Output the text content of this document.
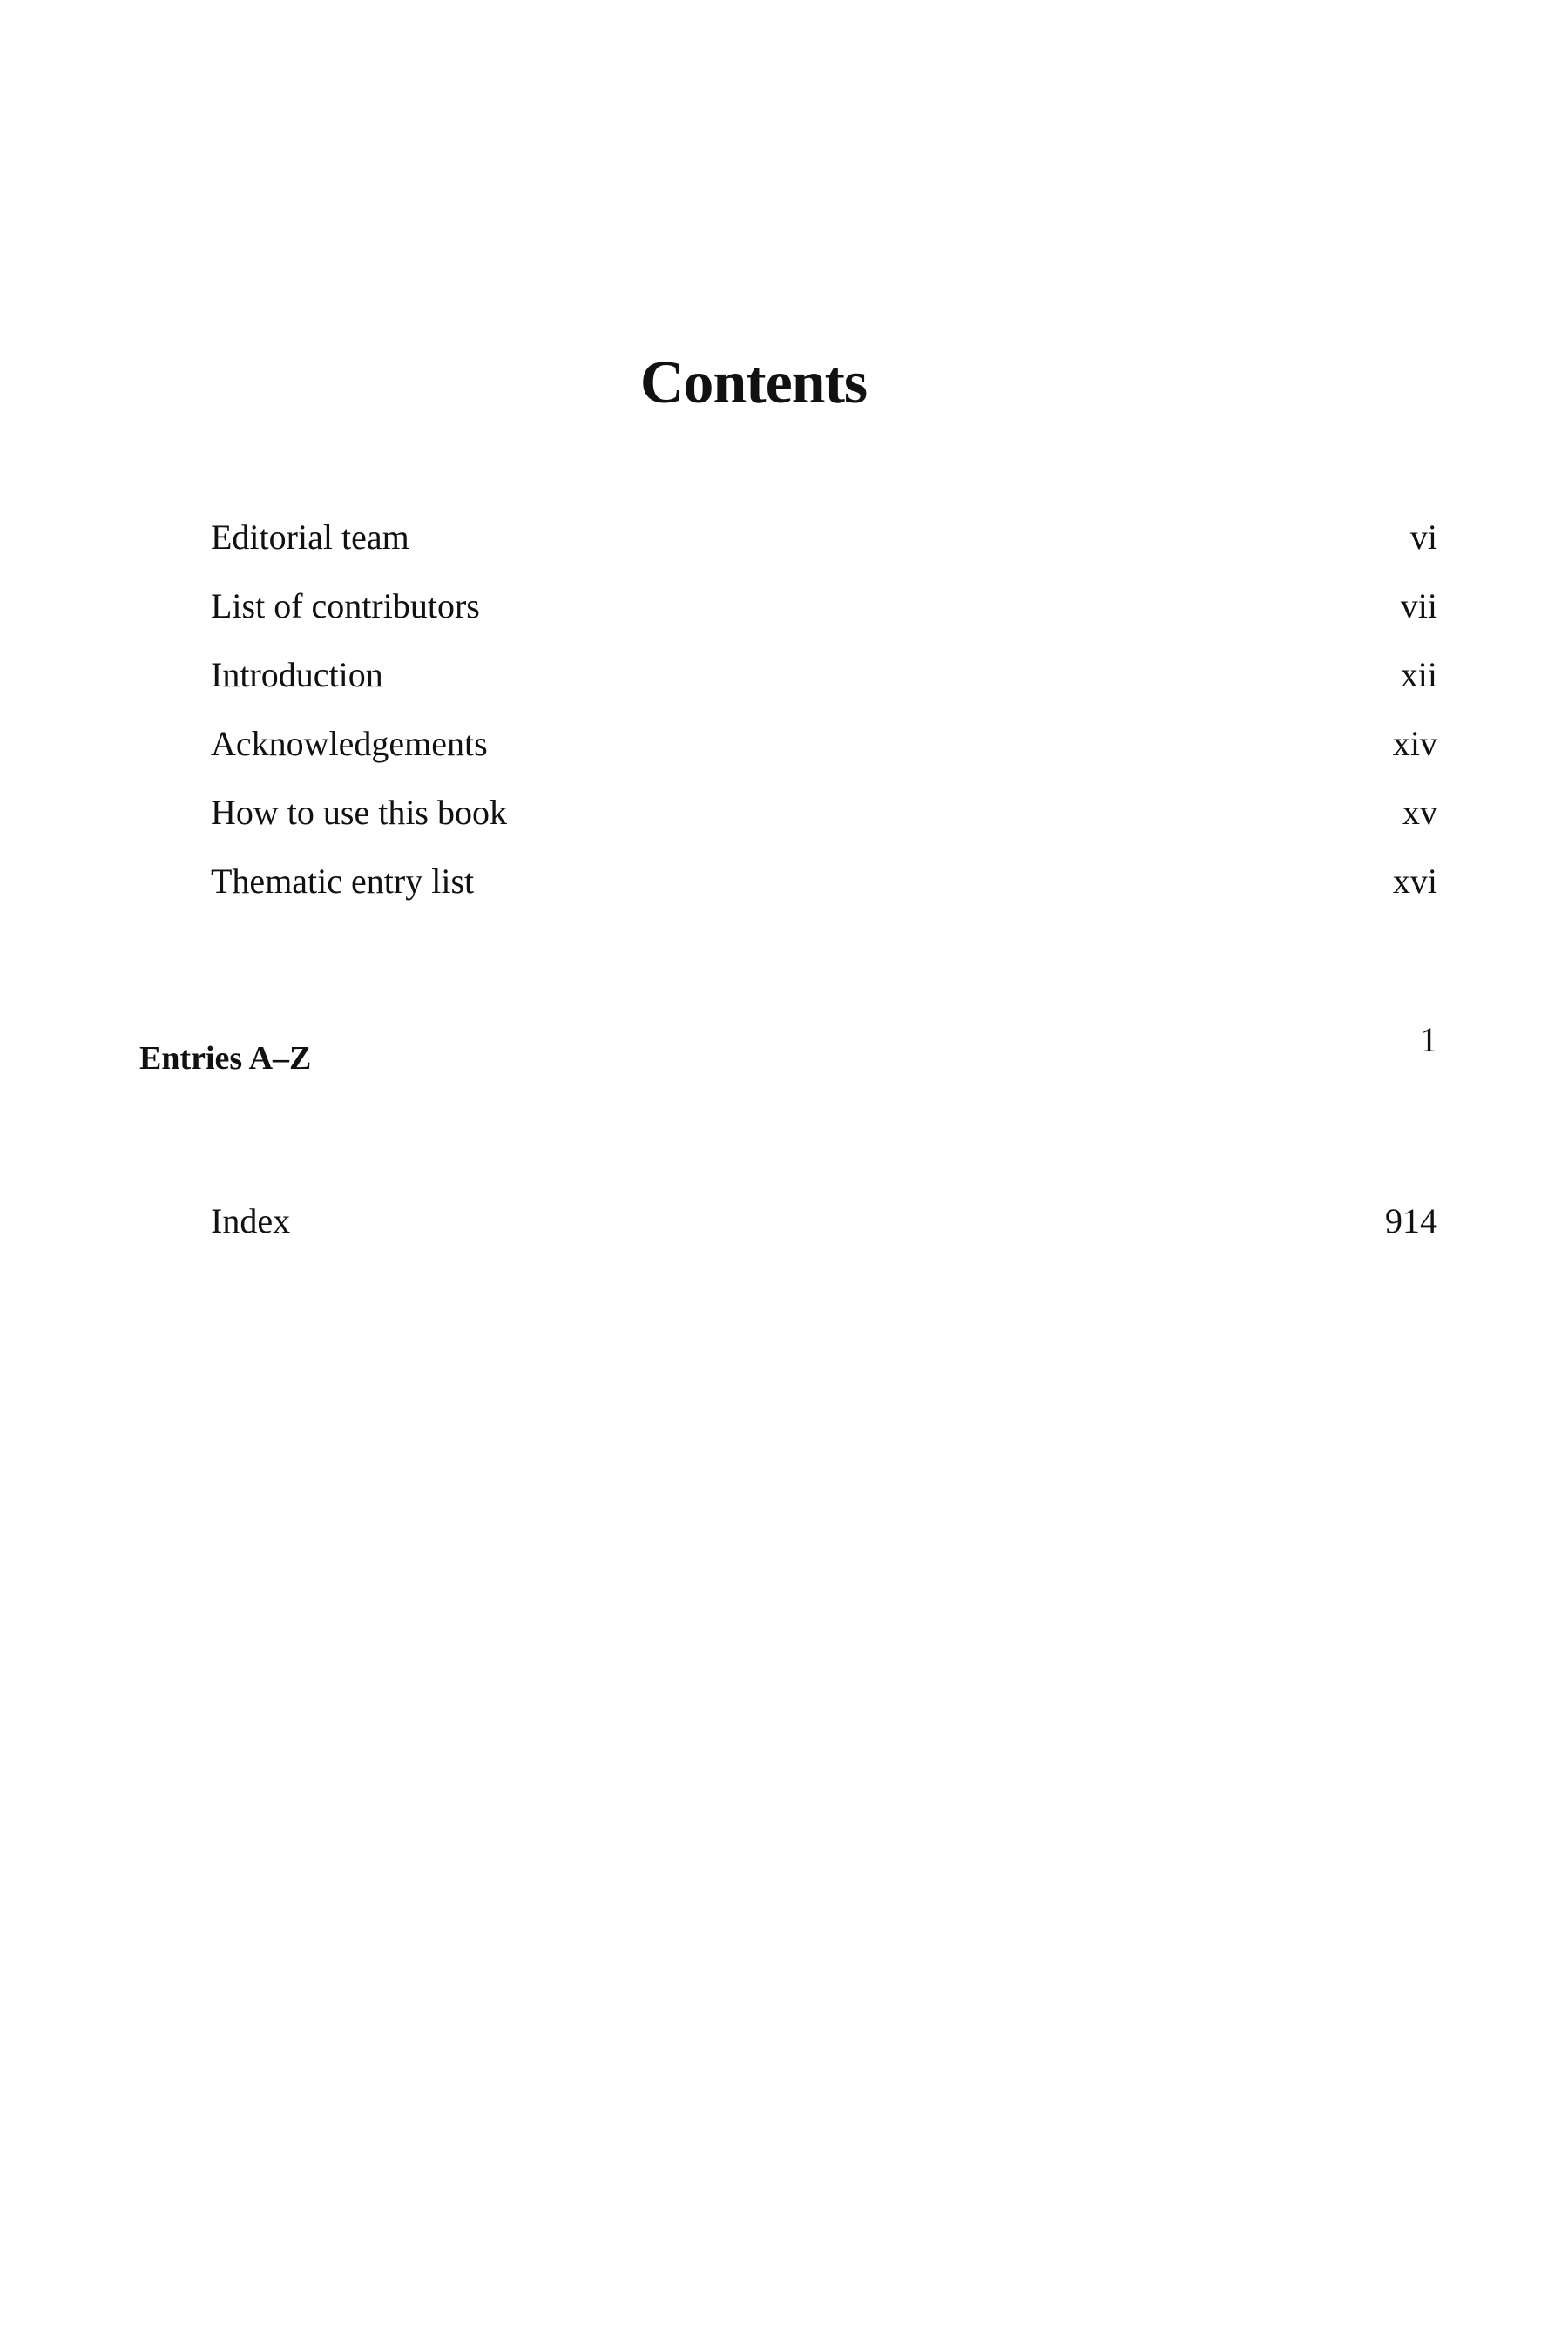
Contents
Editorial team	vi
List of contributors	vii
Introduction	xii
Acknowledgements	xiv
How to use this book	xv
Thematic entry list	xvi
Entries A–Z	1
Index	914
